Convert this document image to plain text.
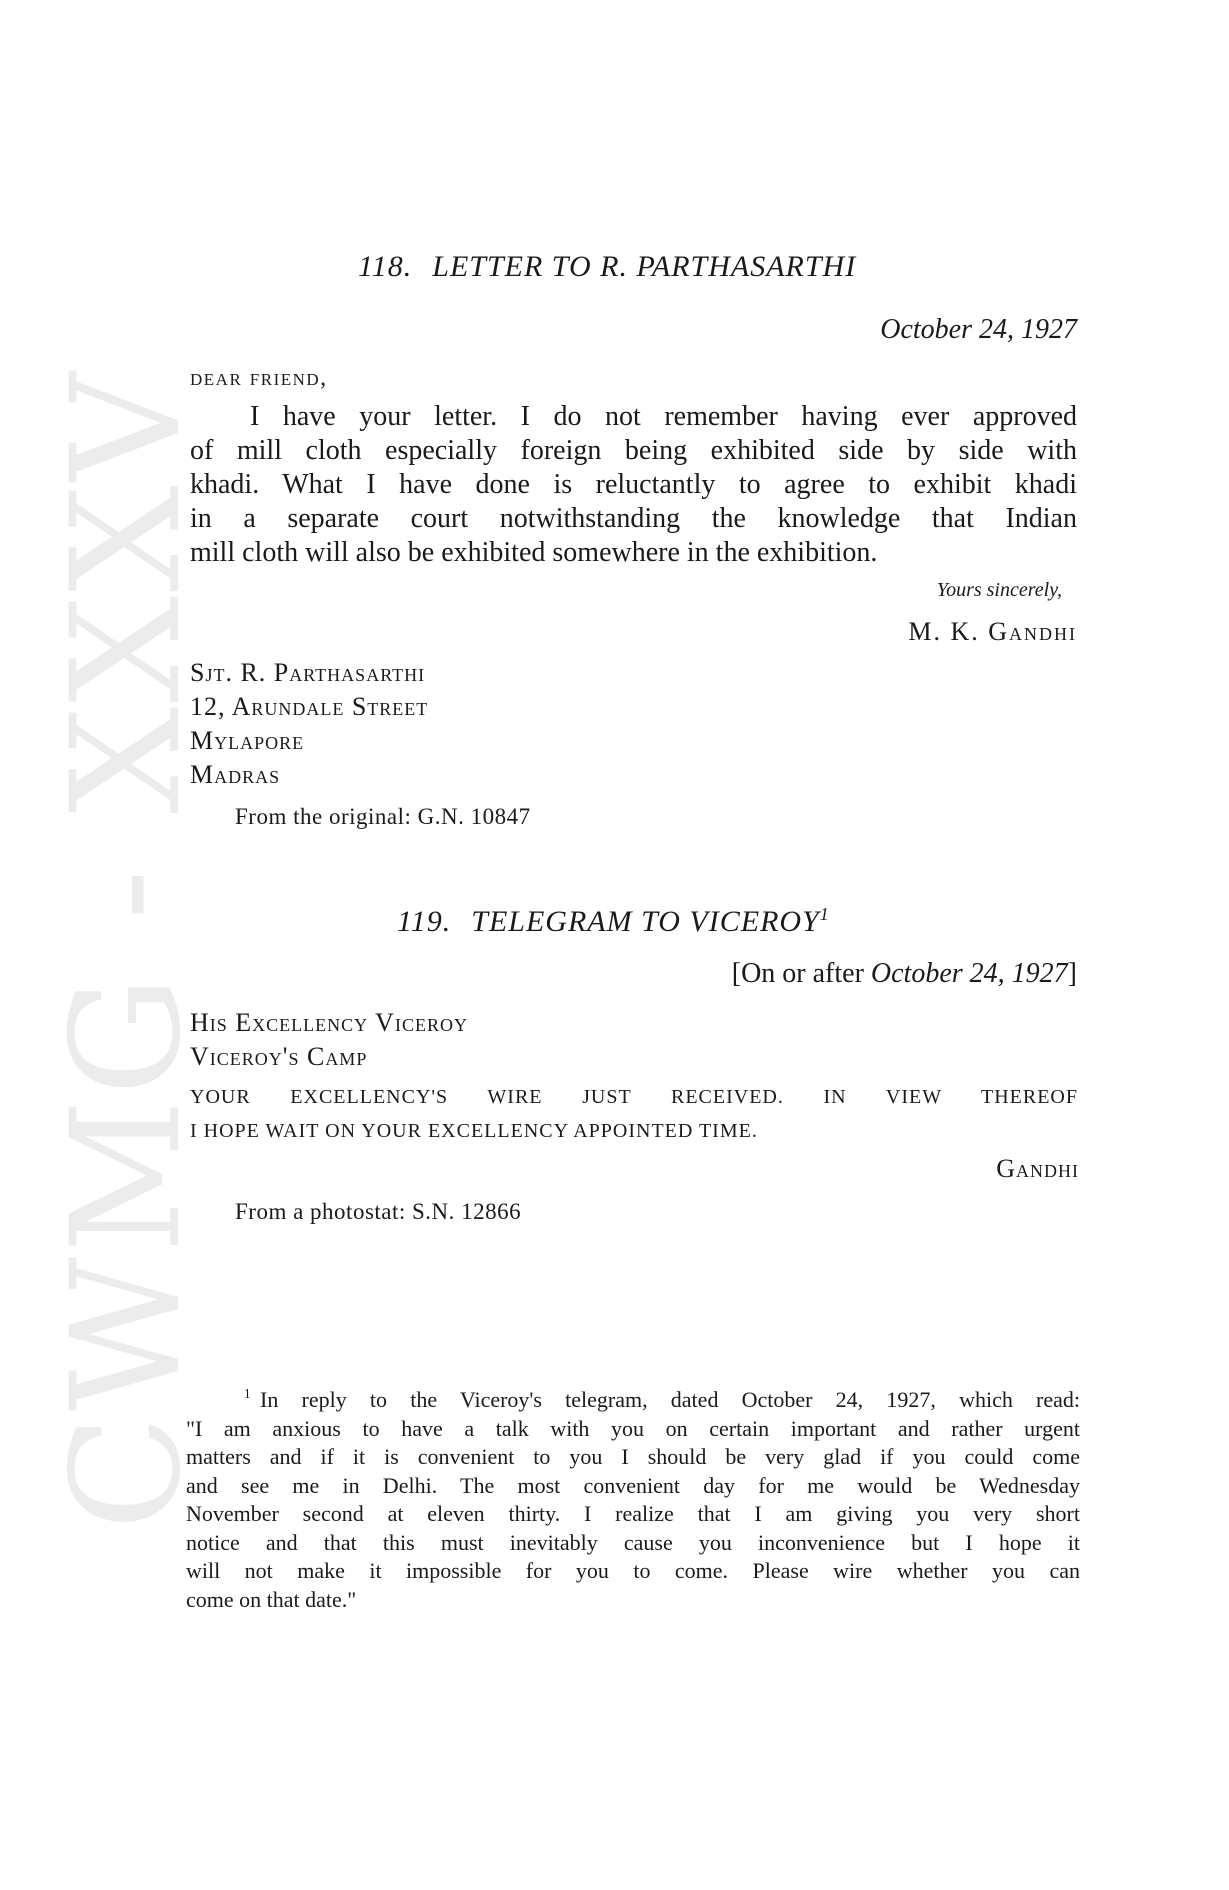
CWMG - XXXV
118. LETTER TO R. PARTHASARTHI
October 24, 1927
dear friend,
I have your letter. I do not remember having ever approved
of mill cloth especially foreign being exhibited side by side with
khadi. What I have done is reluctantly to agree to exhibit khadi
in a separate court notwithstanding the knowledge that Indian
mill cloth will also be exhibited somewhere in the exhibition.
Yours sincerely,
M. K. Gandhi
Sjt. R. Parthasarthi
12, Arundale Street
Mylapore
Madras
From the original: G.N. 10847
119. TELEGRAM TO VICEROY$^1$
[On or after October 24, 1927]
His Excellency Viceroy
Viceroy's Camp
YOUR EXCELLENCY'S WIRE JUST RECEIVED. IN VIEW THEREOF
I HOPE WAIT ON YOUR EXCELLENCY APPOINTED TIME.
Gandhi
From a photostat: S.N. 12866
1 In reply to the Viceroy's telegram, dated October 24, 1927, which read:
"I am anxious to have a talk with you on certain important and rather urgent
matters and if it is convenient to you I should be very glad if you could come
and see me in Delhi. The most convenient day for me would be Wednesday
November second at eleven thirty. I realize that I am giving you very short
notice and that this must inevitably cause you inconvenience but I hope it
will not make it impossible for you to come. Please wire whether you can
come on that date."
